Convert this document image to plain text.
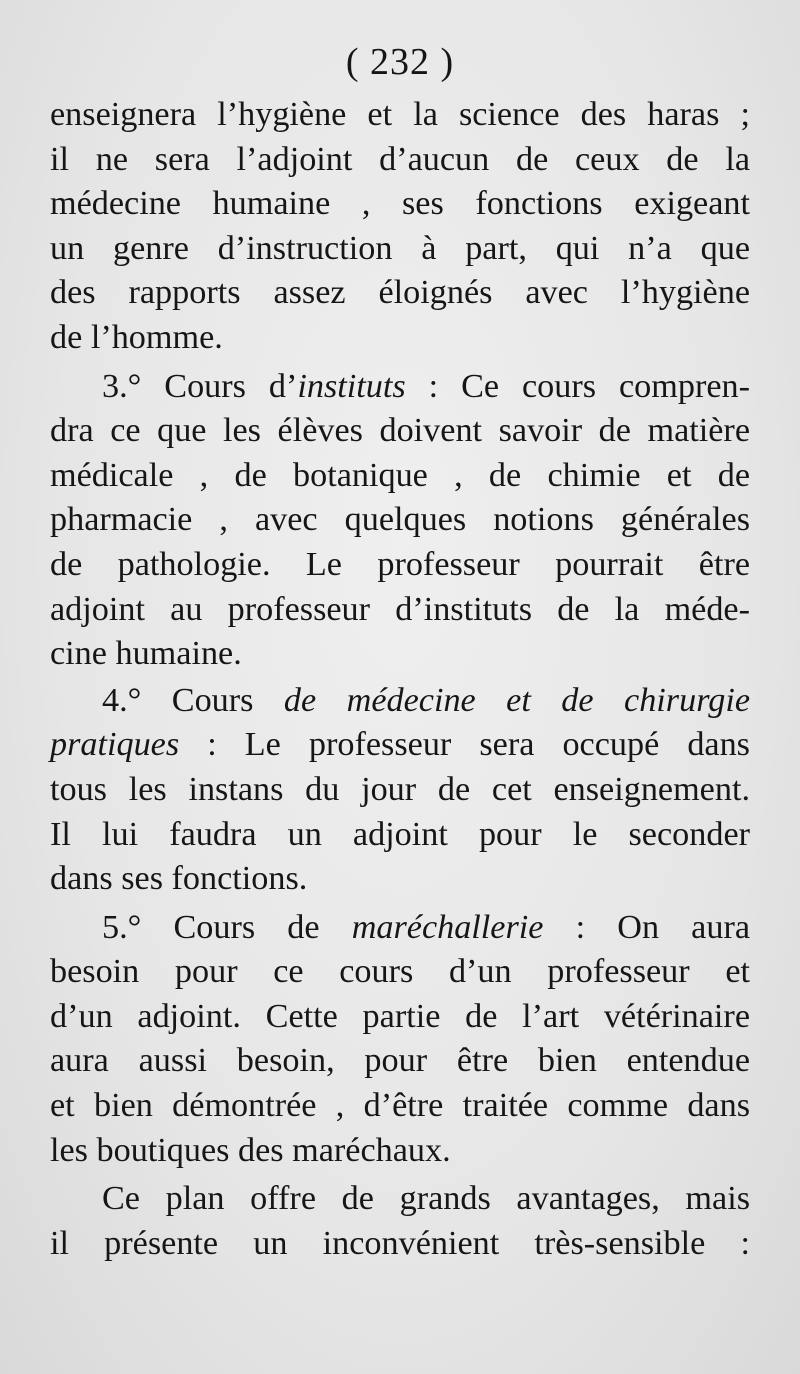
( 232 )
enseignera l’hygiène et la science des haras ;
il ne sera l’adjoint d’aucun de ceux de la
médecine humaine , ses fonctions exigeant
un genre d’instruction à part, qui n’a que
des rapports assez éloignés avec l’hygiène
de l’homme.
3.° Cours d’instituts : Ce cours compren-
dra ce que les élèves doivent savoir de matière
médicale , de botanique , de chimie et de
pharmacie , avec quelques notions générales
de pathologie. Le professeur pourrait être
adjoint au professeur d’instituts de la méde-
cine humaine.
4.° Cours de médecine et de chirurgie
pratiques : Le professeur sera occupé dans
tous les instans du jour de cet enseignement.
Il lui faudra un adjoint pour le seconder
dans ses fonctions.
5.° Cours de maréchallerie : On aura
besoin pour ce cours d’un professeur et
d’un adjoint. Cette partie de l’art vétérinaire
aura aussi besoin, pour être bien entendue
et bien démontrée , d’être traitée comme dans
les boutiques des maréchaux.
Ce plan offre de grands avantages, mais
il présente un inconvénient très-sensible :
